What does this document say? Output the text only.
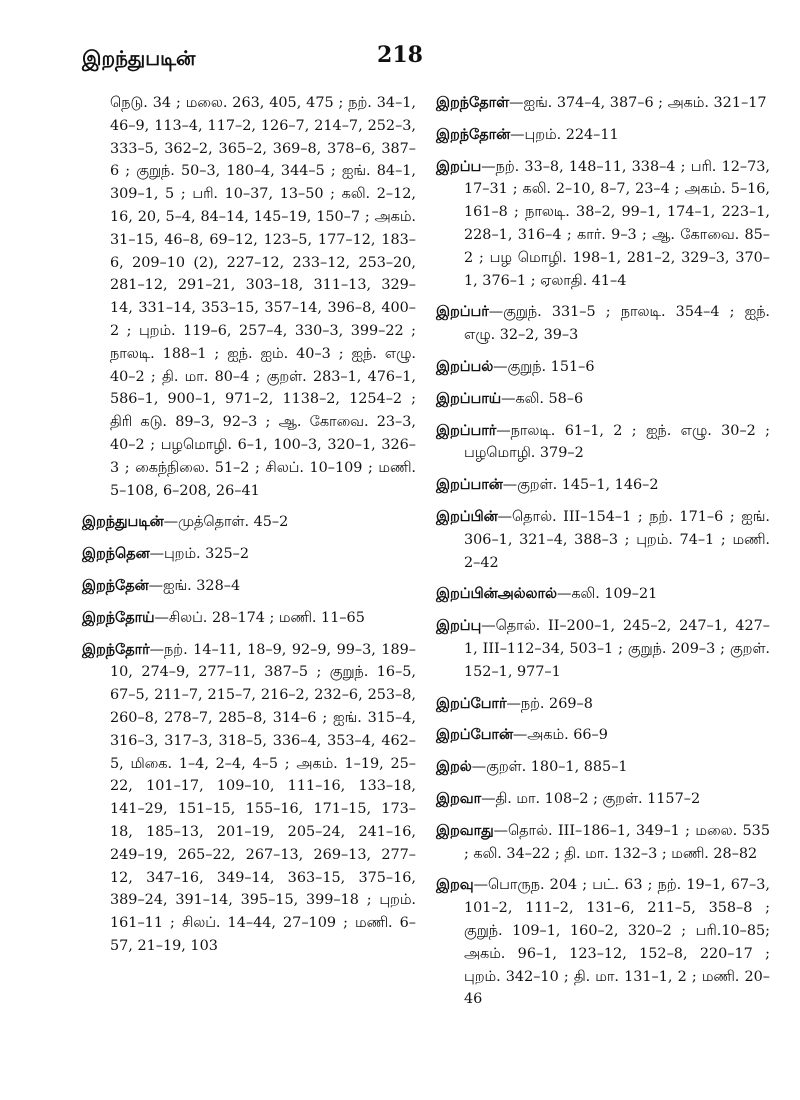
இறந்துபடின்	218

நெடு. 34 ; மலை. 263, 405, 475 ; நற். 34–1, 46–9, 113–4, 117–2, 126–7, 214–7, 252–3, 333–5, 362–2, 365–2, 369–8, 378–6, 387–6 ; குறுந். 50–3, 180–4, 344–5 ; ஐங். 84–1, 309–1, 5 ; பரி. 10–37, 13–50 ; கலி. 2–12, 16, 20, 5–4, 84–14, 145–19, 150–7 ; அகம். 31–15, 46–8, 69–12, 123–5, 177–12, 183–6, 209–10 (2), 227–12, 233–12, 253–20, 281–12, 291–21, 303–18, 311–13, 329–14, 331–14, 353–15, 357–14, 396–8, 400–2 ; புறம். 119–6, 257–4, 330–3, 399–22 ; நாலடி. 188–1 ; ஐந். ஐம். 40–3 ; ஐந். எழு. 40–2 ; தி. மா. 80–4 ; குறள். 283–1, 476–1, 586–1, 900–1, 971–2, 1138–2, 1254–2 ; திரி கடு. 89–3, 92–3 ; ஆ. கோவை. 23–3, 40–2 ; பழமொழி. 6–1, 100–3, 320–1, 326–3 ; கைந்நிலை. 51–2 ; சிலப். 10–109 ; மணி. 5–108, 6–208, 26–41

இறந்துபடின்—முத்தொள். 45–2

இறந்தென—புறம். 325–2

இறந்தேன்—ஐங். 328–4

இறந்தோய்—சிலப். 28–174 ; மணி. 11–65

இறந்தோர்—நற். 14–11, 18–9, 92–9, 99–3, 189–10, 274–9, 277–11, 387–5 ; குறுந். 16–5, 67–5, 211–7, 215–7, 216–2, 232–6, 253–8, 260–8, 278–7, 285–8, 314–6 ; ஐங். 315–4, 316–3, 317–3, 318–5, 336–4, 353–4, 462–5, மிகை. 1–4, 2–4, 4–5 ; அகம். 1–19, 25–22, 101–17, 109–10, 111–16, 133–18, 141–29, 151–15, 155–16, 171–15, 173–18, 185–13, 201–19, 205–24, 241–16, 249–19, 265–22, 267–13, 269–13, 277–12, 347–16, 349–14, 363–15, 375–16, 389–24, 391–14, 395–15, 399–18 ; புறம். 161–11 ; சிலப். 14–44, 27–109 ; மணி. 6–57, 21–19, 103

இறந்தோள்—ஐங். 374–4, 387–6 ; அகம். 321–17

இறந்தோன்—புறம். 224–11

இறப்ப—நற். 33–8, 148–11, 338–4 ; பரி. 12–73, 17–31 ; கலி. 2–10, 8–7, 23–4 ; அகம். 5–16, 161–8 ; நாலடி. 38–2, 99–1, 174–1, 223–1, 228–1, 316–4 ; கார். 9–3 ; ஆ. கோவை. 85–2 ; பழ மொழி. 198–1, 281–2, 329–3, 370–1, 376–1 ; ஏலாதி. 41–4

இறப்பர்—குறுந். 331–5 ; நாலடி. 354–4 ; ஐந். எழு. 32–2, 39–3

இறப்பல்—குறுந். 151–6

இறப்பாய்—கலி. 58–6

இறப்பார்—நாலடி. 61–1, 2 ; ஐந். எழு. 30–2 ; பழமொழி. 379–2

இறப்பான்—குறள். 145–1, 146–2

இறப்பின்—தொல். III–154–1 ; நற். 171–6 ; ஐங். 306–1, 321–4, 388–3 ; புறம். 74–1 ; மணி. 2–42

இறப்பின்அல்லால்—கலி. 109–21

இறப்பு—தொல். II–200–1, 245–2, 247–1, 427–1, III–112–34, 503–1 ; குறுந். 209–3 ; குறள். 152–1, 977–1

இறப்போர்—நற். 269–8

இறப்போன்—அகம். 66–9

இறல்—குறள். 180–1, 885–1

இறவா—தி. மா. 108–2 ; குறள். 1157–2

இறவாது—தொல். III–186–1, 349–1 ; மலை. 535 ; கலி. 34–22 ; தி. மா. 132–3 ; மணி. 28–82

இறவு—பொருந. 204 ; பட். 63 ; நற். 19–1, 67–3, 101–2, 111–2, 131–6, 211–5, 358–8 ; குறுந். 109–1, 160–2, 320–2 ; பரி.10–85; அகம். 96–1, 123–12, 152–8, 220–17 ; புறம். 342–10 ; தி. மா. 131–1, 2 ; மணி. 20–46
